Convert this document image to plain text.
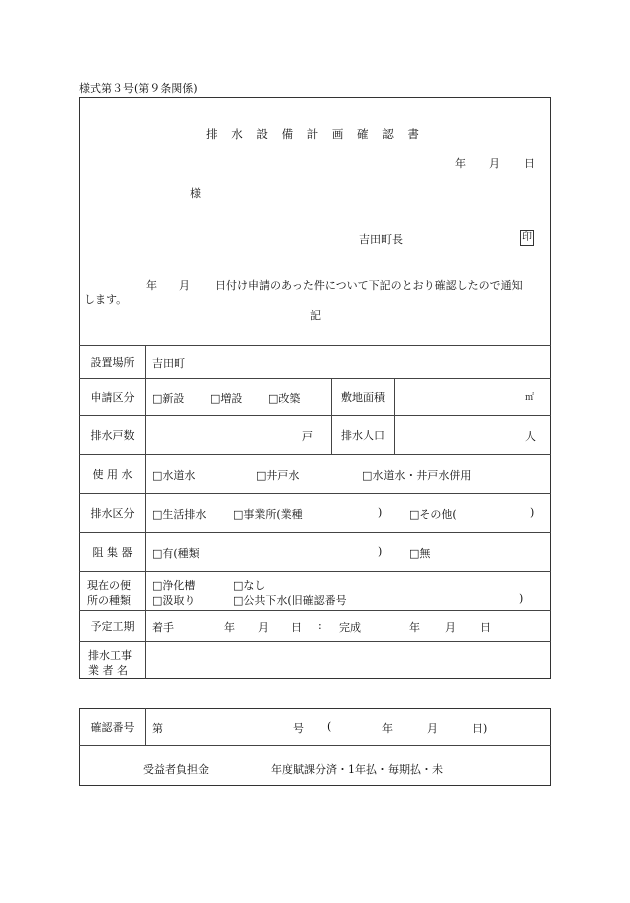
様式第３号(第９条関係)
排 水 設 備 計 画 確 認 書
年 月 日
様
吉田町長	印
年 月 日付け申請のあった件について下記のとおり確認したので通知
します。
記
設置場所	吉田町
申請区分	□新設 □増設 □改築	敷地面積	㎡
排水戸数	戸	排水人口	人
使 用 水	□水道水	□井戸水	□水道水・井戸水併用
排水区分	□生活排水 □事業所(業種	) □その他(	)
阻 集 器	□有(種類	) □無
現在の便
所の種類
□浄化槽	□なし
□汲取り	□公共下水(旧確認番号	)
予定工期	着手	年 月 日 : 完成	年 月 日
排水工事
業 者 名
確認番号	第	号 (	年	月	日)
受益者負担金	年度賦課分済・1年払・毎期払・未
